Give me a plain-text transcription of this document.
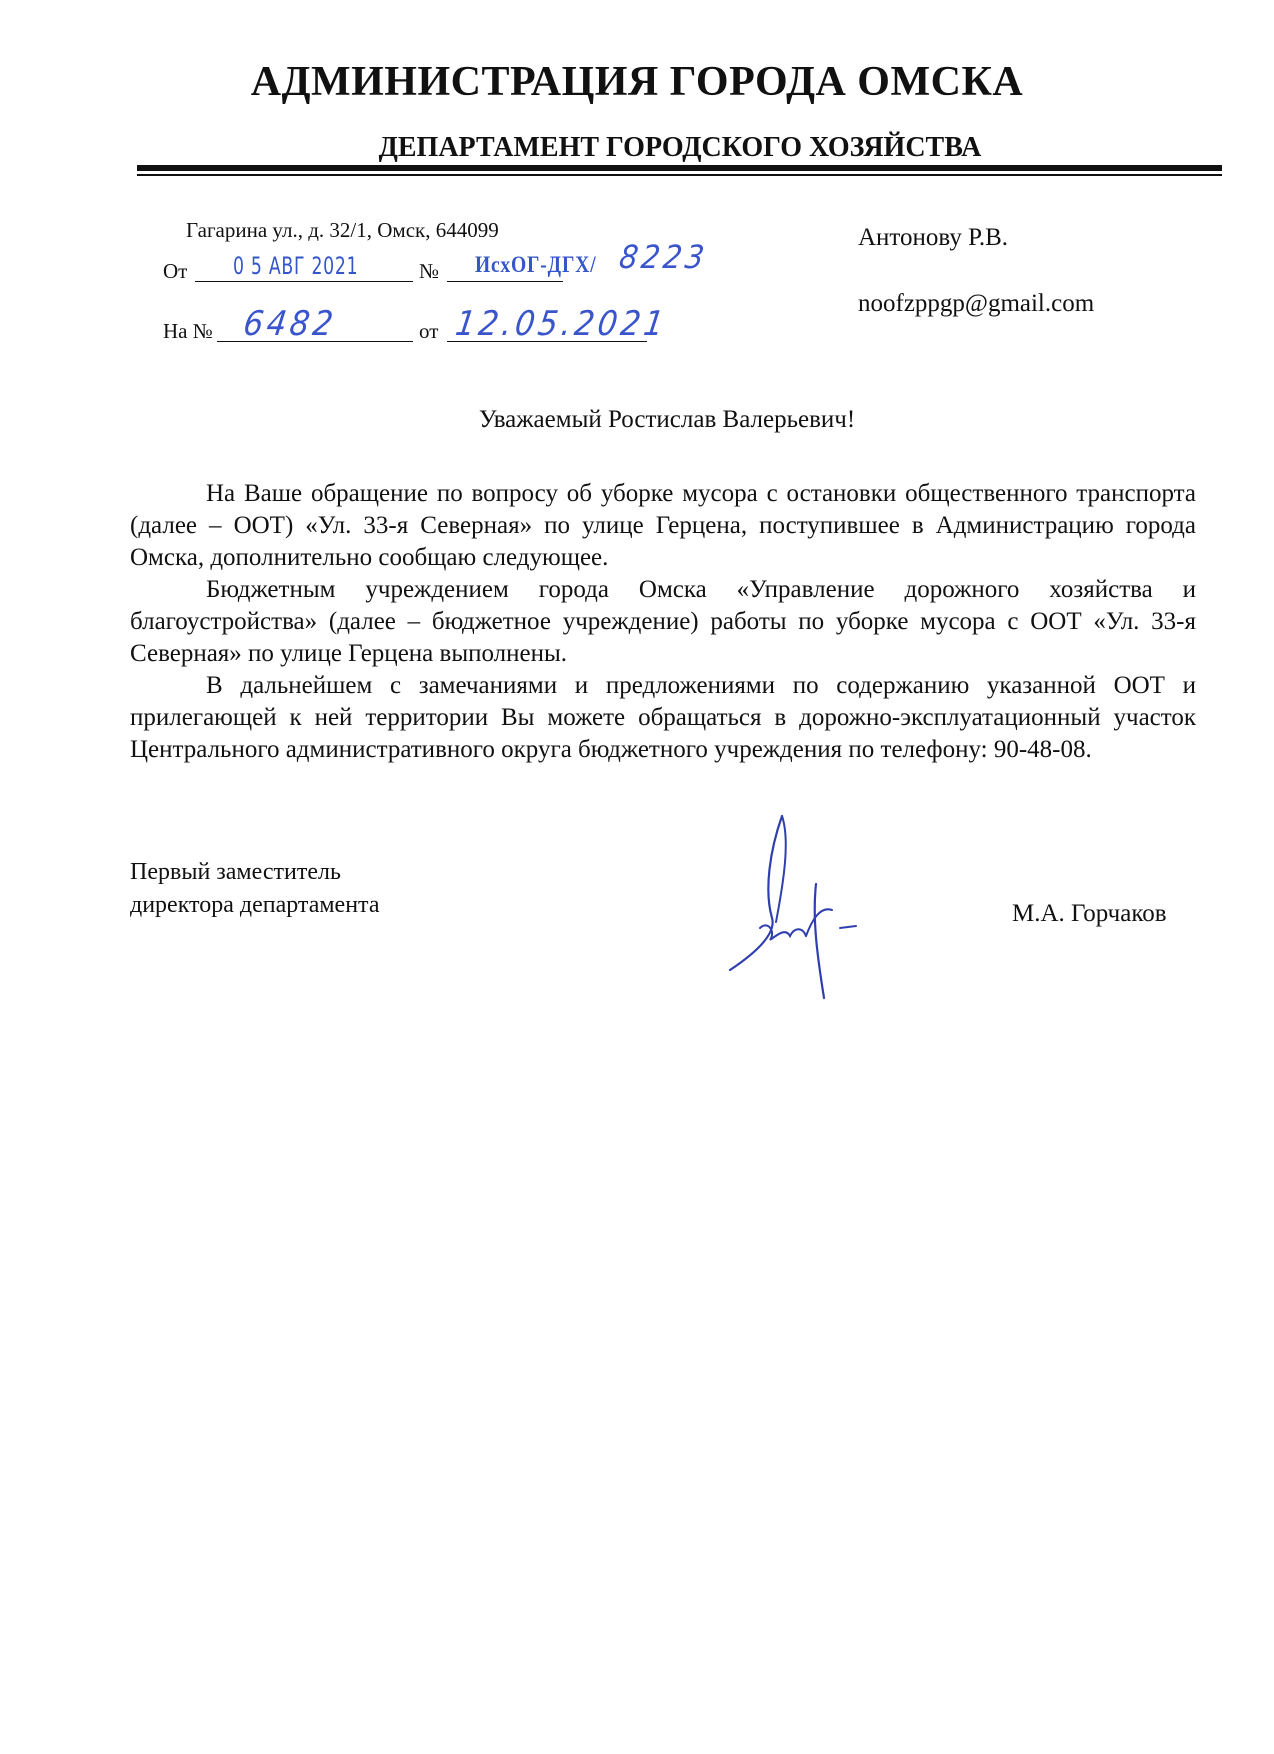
АДМИНИСТРАЦИЯ ГОРОДА ОМСКА
ДЕПАРТАМЕНТ ГОРОДСКОГО ХОЗЯЙСТВА
Гагарина ул., д. 32/1, Омск, 644099
От 0 5 АВГ 2021	№ ИсхОГ-ДГХ/ 8223
На № 6482	от 12.05.2021
Антонову Р.В.
noofzppgp@gmail.com
Уважаемый Ростислав Валерьевич!

На Ваше обращение по вопросу об уборке мусора с остановки общественного транспорта (далее – ООТ) «Ул. 33-я Северная» по улице Герцена, поступившее в Администрацию города Омска, дополнительно сообщаю следующее.

Бюджетным учреждением города Омска «Управление дорожного хозяйства и благоустройства» (далее – бюджетное учреждение) работы по уборке мусора с ООТ «Ул. 33-я Северная» по улице Герцена выполнены.

В дальнейшем с замечаниями и предложениями по содержанию указанной ООТ и прилегающей к ней территории Вы можете обращаться в дорожно-эксплуатационный участок Центрального административного округа бюджетного учреждения по телефону: 90-48-08.

Первый заместитель
директора департамента	М.А. Горчаков
